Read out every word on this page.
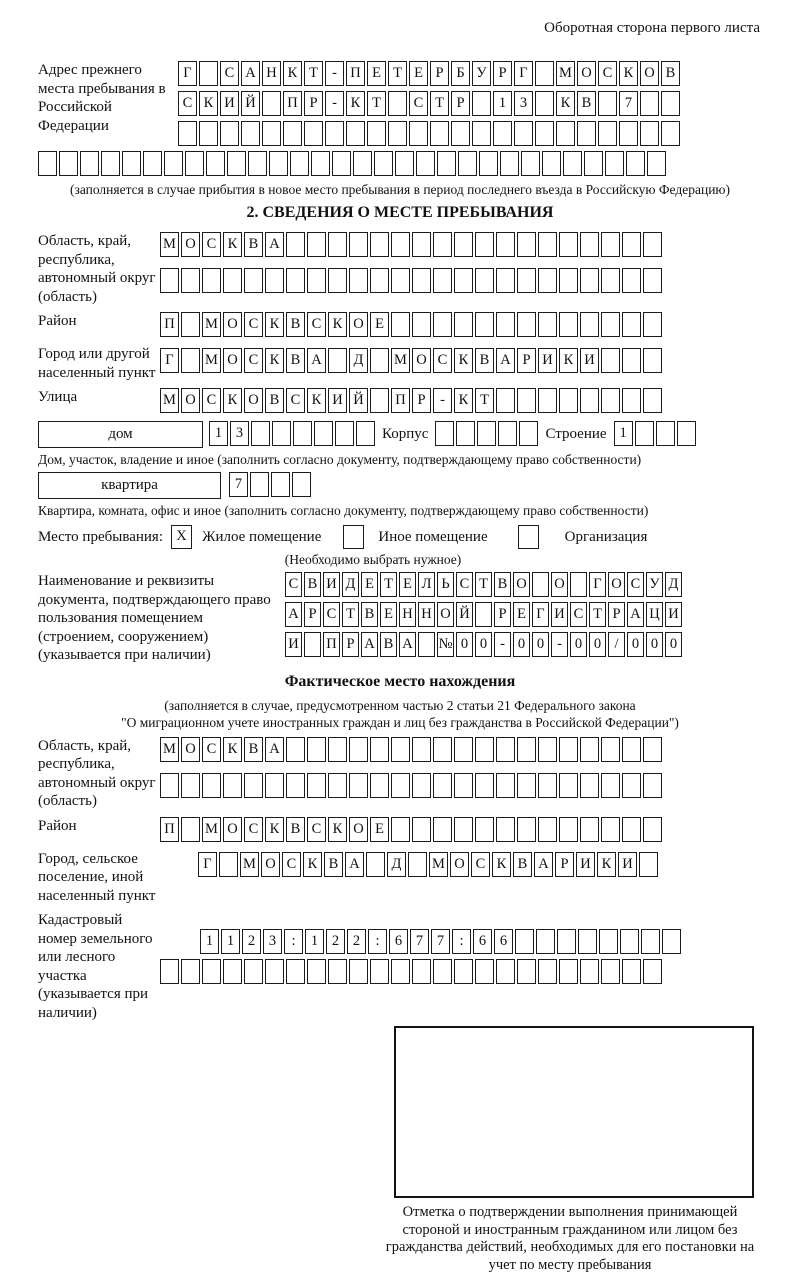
Оборотная сторона первого листа
Адрес прежнего места пребывания в Российской Федерации
Г С А Н К Т - П Е Т Е Р Б У Р Г М О С К О В
С К И Й П Р - К Т С Т Р 1 3 К В 7

(заполняется в случае прибытия в новое место пребывания в период последнего въезда в Российскую Федерацию)
2. СВЕДЕНИЯ О МЕСТЕ ПРЕБЫВАНИЯ
Область, край, республика, автономный округ (область)
М О С К В А

Район	П М О С К В С К О Е
Город или другой населенный пункт
Г М О С К В А Д М О С К В А Р И К И
Улица	М О С К О В С К И Й П Р - К Т
дом	1 3	Корпус	Строение 1
Дом, участок, владение и иное (заполнить согласно документу, подтверждающему право собственности)
квартира	7
Квартира, комната, офис и иное (заполнить согласно документу, подтверждающему право собственности)
Место пребывания: X	Жилое помещение	Иное помещение	Организация
(Необходимо выбрать нужное)
Наименование и реквизиты документа, подтверждающего право пользования помещением (строением, сооружением) (указывается при наличии)
С В И Д Е Т Е Л Ь С Т В О О Г О С У Д
А Р С Т В Е Н Н О Й Р Е Г И С Т Р А Ц И
И П Р А В А № 0 0 - 0 0 - 0 0 / 0 0 0
Фактическое место нахождения
(заполняется в случае, предусмотренном частью 2 статьи 21 Федерального закона
"О миграционном учете иностранных граждан и лиц без гражданства в Российской Федерации")
Область, край, республика, автономный округ (область)
М О С К В А

Район	П М О С К В С К О Е
Город, сельское поселение, иной населенный пункт
Г М О С К В А Д М О С К В А Р И К И
Кадастровый номер земельного или лесного участка (указывается при наличии)
1 1 2 3 : 1 2 2 : 6 7 7 : 6 6

Отметка о подтверждении выполнения принимающей стороной и иностранным гражданином или лицом без гражданства действий, необходимых для его постановки на учет по месту пребывания
